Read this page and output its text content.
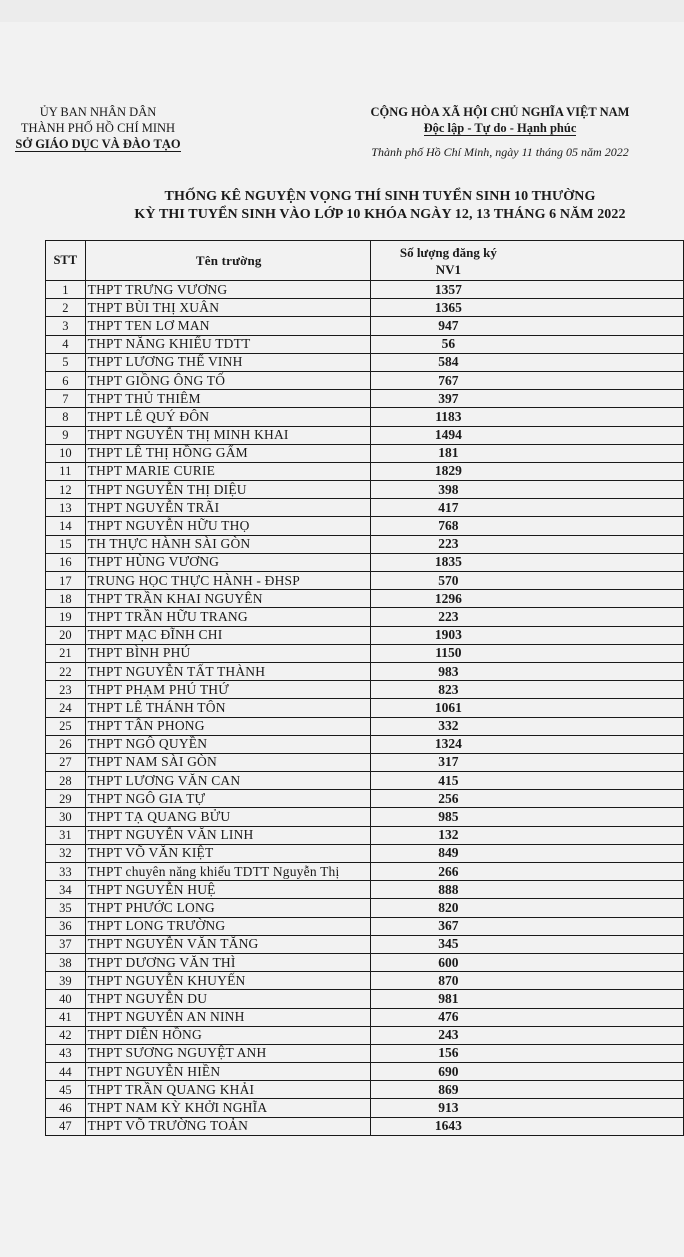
ỦY BAN NHÂN DÂN
THÀNH PHỐ HỒ CHÍ MINH
SỞ GIÁO DỤC VÀ ĐÀO TẠO
CỘNG HÒA XÃ HỘI CHỦ NGHĨA VIỆT NAM
Độc lập - Tự do - Hạnh phúc
Thành phố Hồ Chí Minh, ngày 11 tháng 05 năm 2022
THỐNG KÊ NGUYỆN VỌNG THÍ SINH TUYỂN SINH 10 THƯỜNG
KỲ THI TUYỂN SINH VÀO LỚP 10 KHÓA NGÀY 12, 13 THÁNG 6 NĂM 2022
STT	Tên trường	Số lượng đăng ký
NV1
1	THPT TRƯNG VƯƠNG	1357
2	THPT BÙI THỊ XUÂN	1365
3	THPT TEN LƠ MAN	947
4	THPT NĂNG KHIẾU TDTT	56
5	THPT LƯƠNG THẾ VINH	584
6	THPT GIỒNG ÔNG TỐ	767
7	THPT THỦ THIÊM	397
8	THPT LÊ QUÝ ĐÔN	1183
9	THPT NGUYỄN THỊ MINH KHAI	1494
10	THPT LÊ THỊ HỒNG GẤM	181
11	THPT MARIE CURIE	1829
12	THPT NGUYỄN THỊ DIỆU	398
13	THPT NGUYỄN TRÃI	417
14	THPT NGUYỄN HỮU THỌ	768
15	TH THỰC HÀNH SÀI GÒN	223
16	THPT HÙNG VƯƠNG	1835
17	TRUNG HỌC THỰC HÀNH - ĐHSP	570
18	THPT TRẦN KHAI NGUYÊN	1296
19	THPT TRẦN HỮU TRANG	223
20	THPT MẠC ĐĨNH CHI	1903
21	THPT BÌNH PHÚ	1150
22	THPT NGUYỄN TẤT THÀNH	983
23	THPT PHẠM PHÚ THỨ	823
24	THPT LÊ THÁNH TÔN	1061
25	THPT TÂN PHONG	332
26	THPT NGÔ QUYỀN	1324
27	THPT NAM SÀI GÒN	317
28	THPT LƯƠNG VĂN CAN	415
29	THPT NGÔ GIA TỰ	256
30	THPT TẠ QUANG BỬU	985
31	THPT NGUYỄN VĂN LINH	132
32	THPT VÕ VĂN KIỆT	849
33	THPT chuyên năng khiếu TDTT Nguyễn Thị	266
34	THPT NGUYỄN HUỆ	888
35	THPT PHƯỚC LONG	820
36	THPT LONG TRƯỜNG	367
37	THPT NGUYỄN VĂN TĂNG	345
38	THPT DƯƠNG VĂN THÌ	600
39	THPT NGUYỄN KHUYẾN	870
40	THPT NGUYỄN DU	981
41	THPT NGUYỄN AN NINH	476
42	THPT DIÊN HỒNG	243
43	THPT SƯƠNG NGUYỆT ANH	156
44	THPT NGUYỄN HIỀN	690
45	THPT TRẦN QUANG KHẢI	869
46	THPT NAM KỲ KHỞI NGHĨA	913
47	THPT VÕ TRƯỜNG TOẢN	1643
